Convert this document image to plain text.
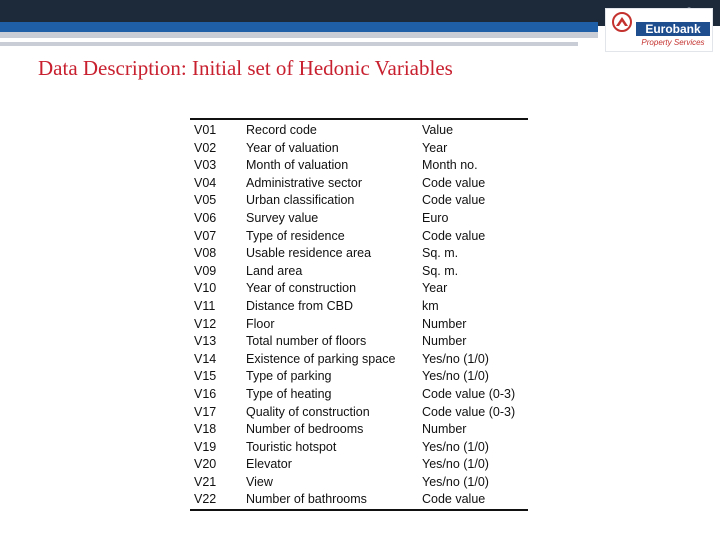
Eurobank
Property Services
Data Description: Initial set of Hedonic Variables
V01	Record code	Value
V02	Year of valuation	Year
V03	Month of valuation	Month no.
V04	Administrative sector	Code value
V05	Urban classification	Code value
V06	Survey value	Euro
V07	Type of residence	Code value
V08	Usable residence area	Sq. m.
V09	Land area	Sq. m.
V10	Year of construction	Year
V11	Distance from CBD	km
V12	Floor	Number
V13	Total number of floors	Number
V14	Existence of parking space	Yes/no (1/0)
V15	Type of parking	Yes/no (1/0)
V16	Type of heating	Code value (0-3)
V17	Quality of construction	Code value (0-3)
V18	Number of bedrooms	Number
V19	Touristic hotspot	Yes/no (1/0)
V20	Elevator	Yes/no (1/0)
V21	View	Yes/no (1/0)
V22	Number of bathrooms	Code value
